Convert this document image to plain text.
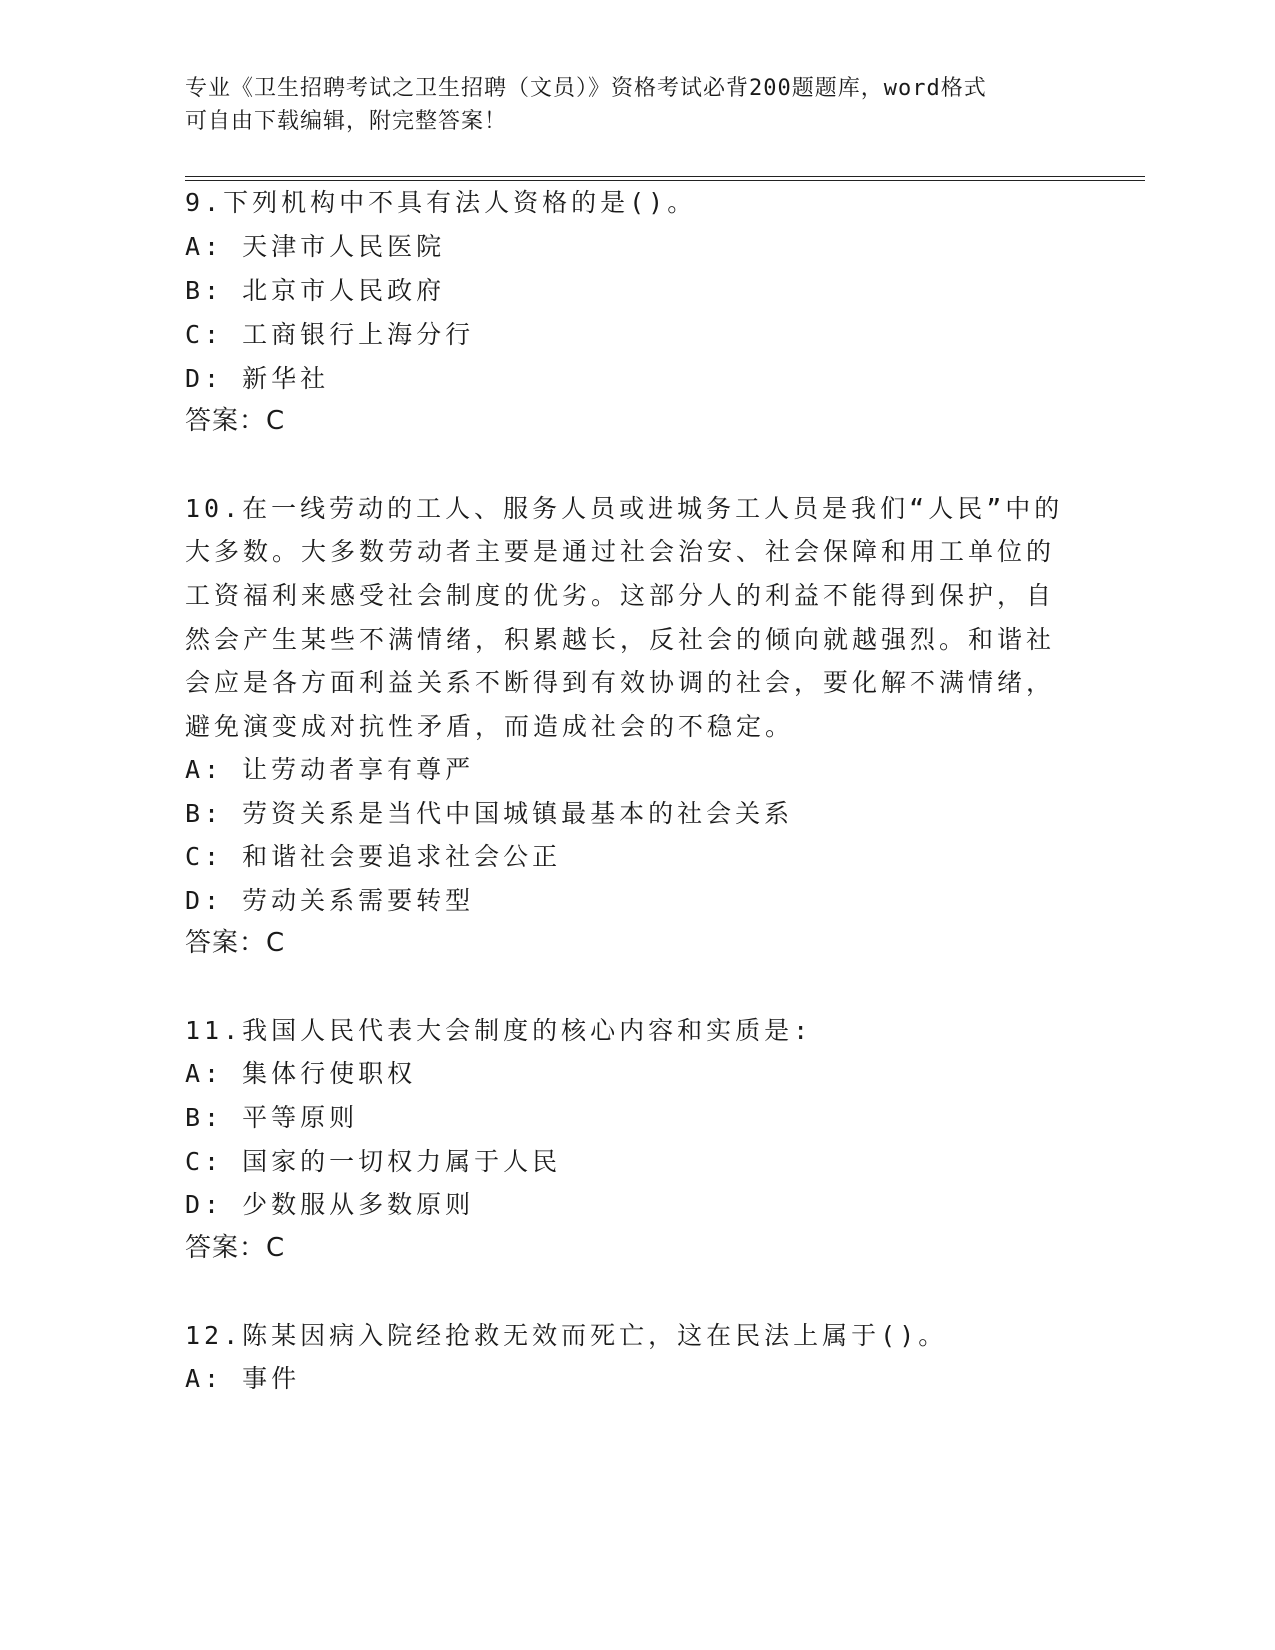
专业《卫生招聘考试之卫生招聘（文员）》资格考试必背200题题库，word格式
可自由下载编辑，附完整答案！
9.下列机构中不具有法人资格的是()。
A: 天津市人民医院
B: 北京市人民政府
C: 工商银行上海分行
D: 新华社
答案：C
10.在一线劳动的工人、服务人员或进城务工人员是我们“人民”中的
大多数。大多数劳动者主要是通过社会治安、社会保障和用工单位的
工资福利来感受社会制度的优劣。这部分人的利益不能得到保护，自
然会产生某些不满情绪，积累越长，反社会的倾向就越强烈。和谐社
会应是各方面利益关系不断得到有效协调的社会，要化解不满情绪，
避免演变成对抗性矛盾，而造成社会的不稳定。
A: 让劳动者享有尊严
B: 劳资关系是当代中国城镇最基本的社会关系
C: 和谐社会要追求社会公正
D: 劳动关系需要转型
答案：C
11.我国人民代表大会制度的核心内容和实质是:
A: 集体行使职权
B: 平等原则
C: 国家的一切权力属于人民
D: 少数服从多数原则
答案：C
12.陈某因病入院经抢救无效而死亡，这在民法上属于()。
A: 事件
